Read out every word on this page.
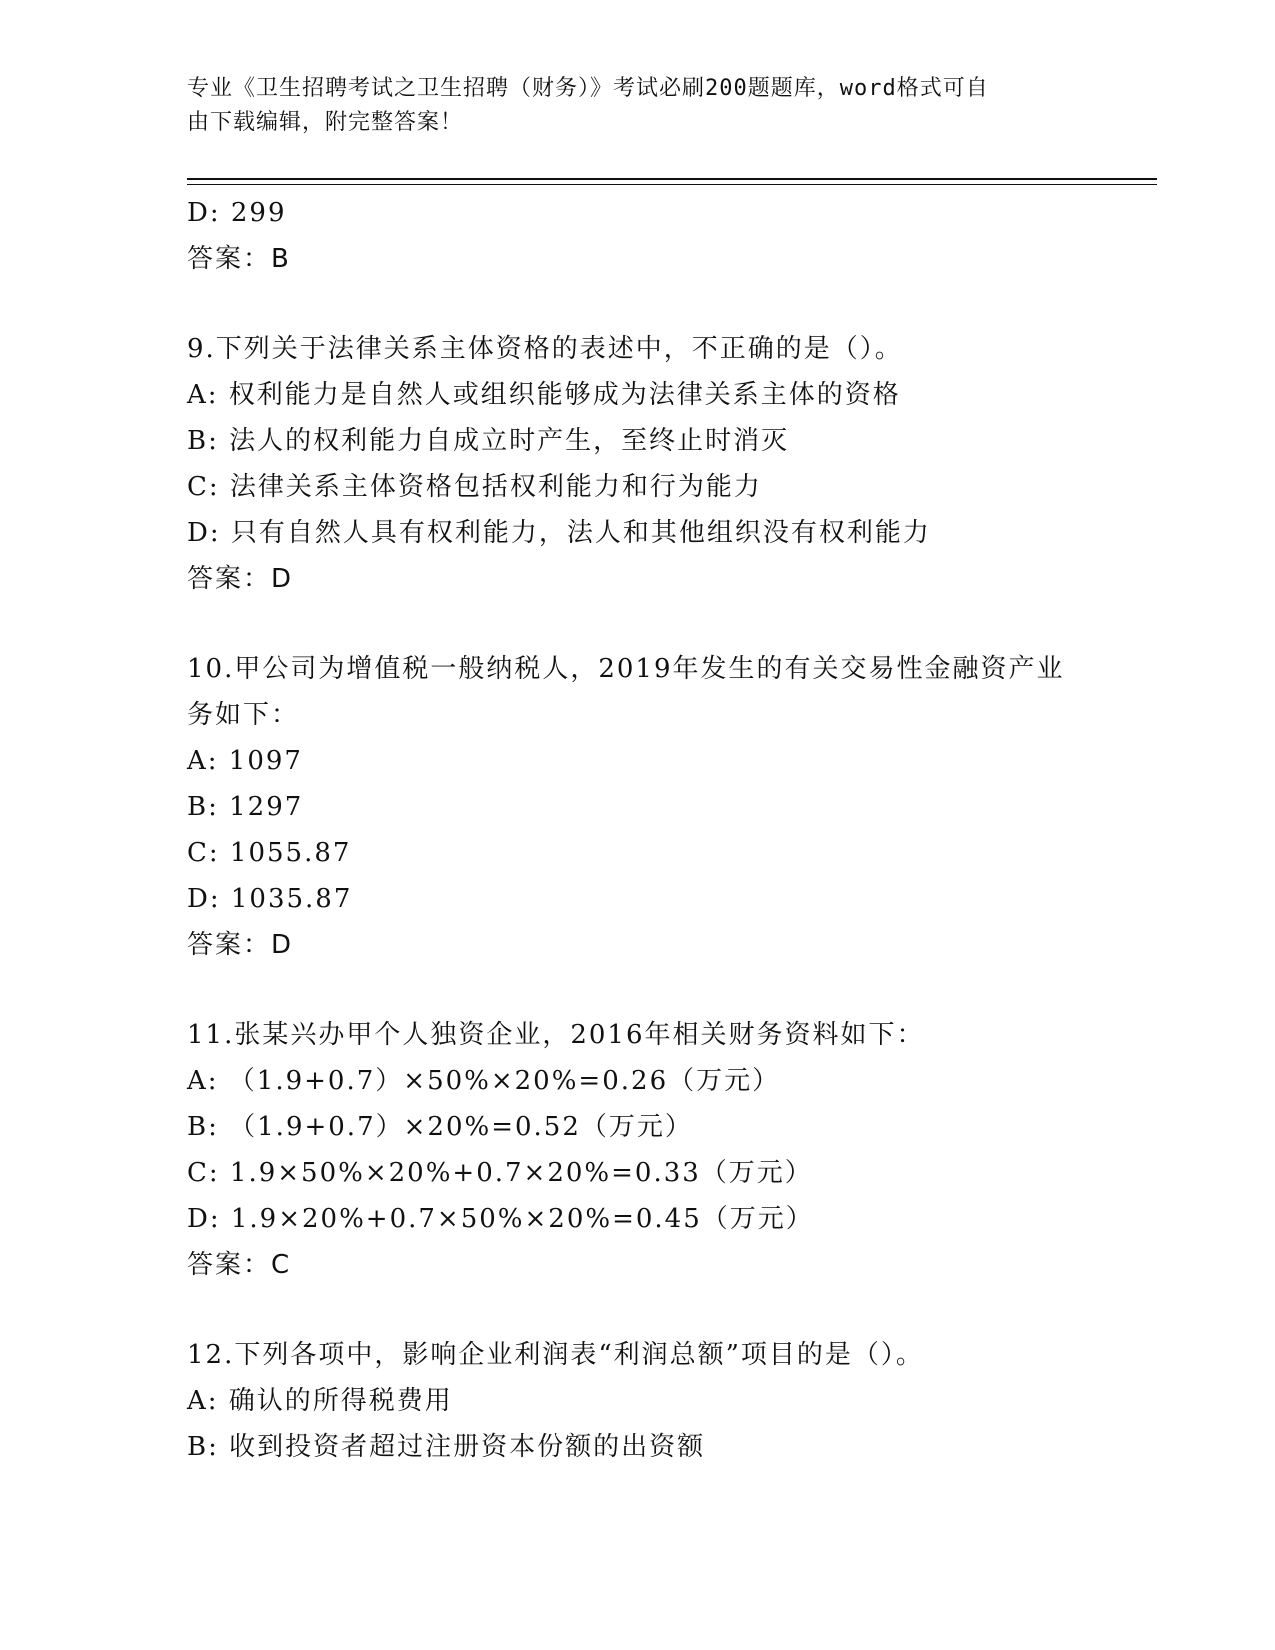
专业《卫生招聘考试之卫生招聘（财务）》考试必刷200题题库，word格式可自
由下载编辑，附完整答案！
D: 299
答案：B
9.下列关于法律关系主体资格的表述中，不正确的是（）。
A: 权利能力是自然人或组织能够成为法律关系主体的资格
B: 法人的权利能力自成立时产生，至终止时消灭
C: 法律关系主体资格包括权利能力和行为能力
D: 只有自然人具有权利能力，法人和其他组织没有权利能力
答案：D
10.甲公司为增值税一般纳税人，2019年发生的有关交易性金融资产业
务如下：
A: 1097
B: 1297
C: 1055.87
D: 1035.87
答案：D
11.张某兴办甲个人独资企业，2016年相关财务资料如下：
A: （1.9+0.7）×50%×20%=0.26（万元）
B: （1.9+0.7）×20%=0.52（万元）
C: 1.9×50%×20%+0.7×20%=0.33（万元）
D: 1.9×20%+0.7×50%×20%=0.45（万元）
答案：C
12.下列各项中，影响企业利润表“利润总额”项目的是（）。
A: 确认的所得税费用
B: 收到投资者超过注册资本份额的出资额
